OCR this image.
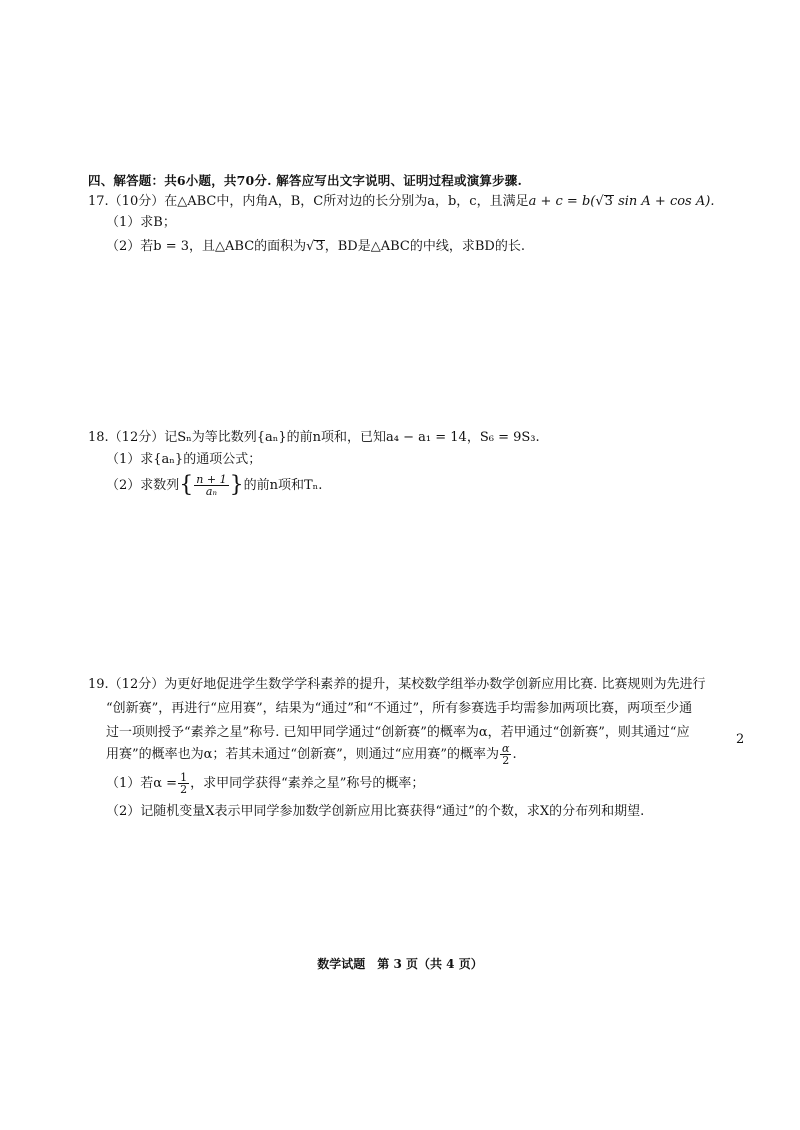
四、解答题：共6小题，共70分. 解答应写出文字说明、证明过程或演算步骤.
17.（10分）在△ABC中，内角A，B，C所对边的长分别为a，b，c，且满足a + c = b(√3 sin A + cos A).
（1）求B；
（2）若b = 3，且△ABC的面积为√3，BD是△ABC的中线，求BD的长.
18.（12分）记Sₙ为等比数列{aₙ}的前n项和，已知a₄ − a₁ = 14，S₆ = 9S₃.
（1）求{aₙ}的通项公式；
（2）求数列{ $\frac{n + 1}{\text{aₙ}}$ }的前n项和Tₙ.
19.（12分）为更好地促进学生数学学科素养的提升，某校数学组举办数学创新应用比赛. 比赛规则为先进行
“创新赛”，再进行“应用赛”，结果为“通过”和“不通过”，所有参赛选手均需参加两项比赛，两项至少通
过一项则授予“素养之星”称号. 已知甲同学通过“创新赛”的概率为α，若甲通过“创新赛”，则其通过“应
用赛”的概率也为α；若其未通过“创新赛”，则通过“应用赛”的概率为 $\frac{\alpha}{2}$ .
（1）若$\alpha = \frac{1}{2}$ ，求甲同学获得“素养之星”称号的概率；
（2）记随机变量X表示甲同学参加数学创新应用比赛获得“通过”的个数，求X的分布列和期望.
2
数学试题　第 3 页（共 4 页）
